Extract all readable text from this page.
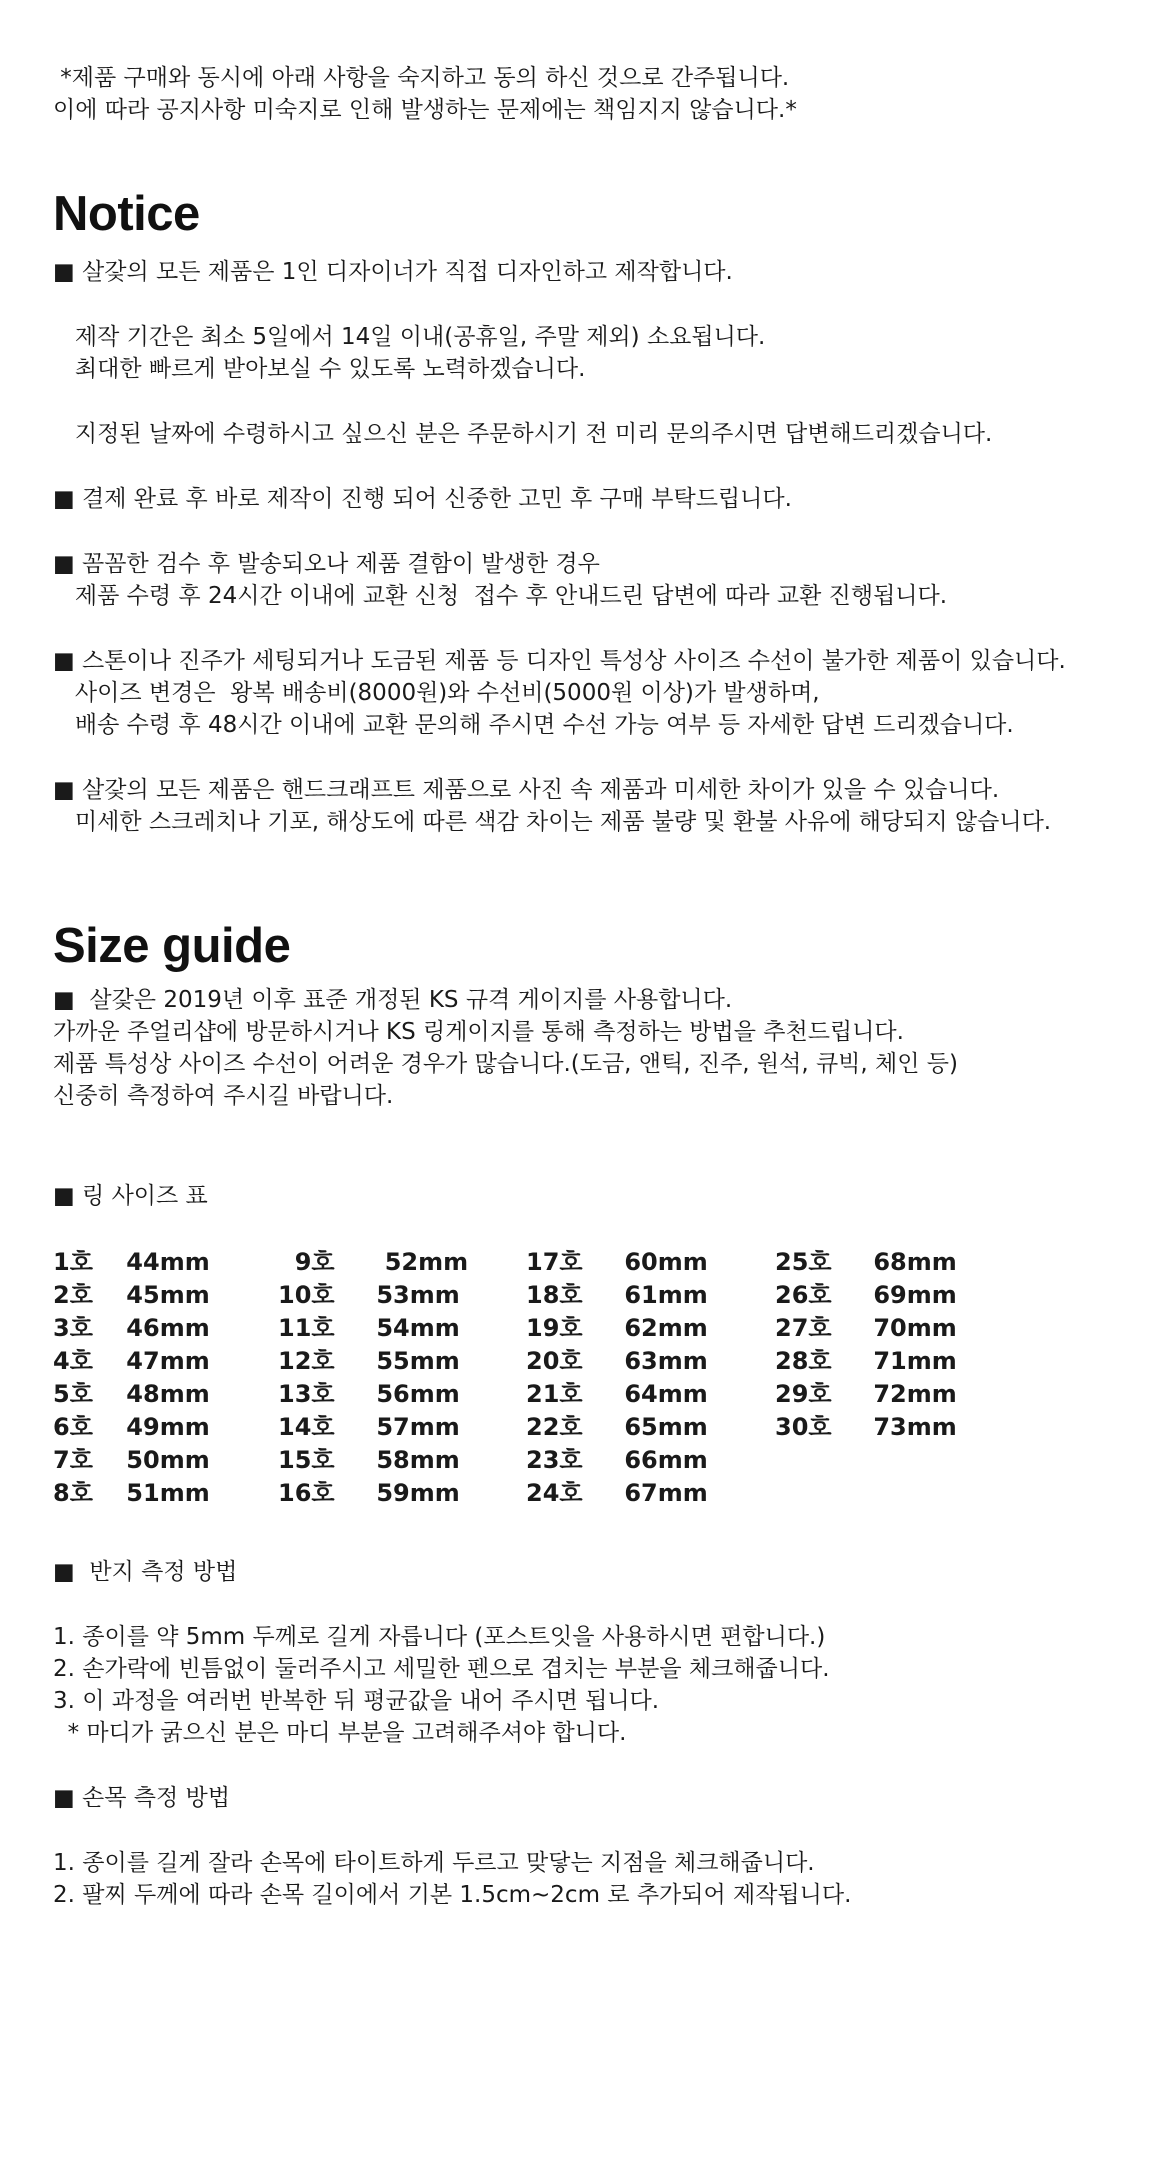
*제품 구매와 동시에 아래 사항을 숙지하고 동의 하신 것으로 간주됩니다.
이에 따라 공지사항 미숙지로 인해 발생하는 문제에는 책임지지 않습니다.*
Notice
■ 살갗의 모든 제품은 1인 디자이너가 직접 디자인하고 제작합니다.
제작 기간은 최소 5일에서 14일 이내(공휴일, 주말 제외) 소요됩니다.
최대한 빠르게 받아보실 수 있도록 노력하겠습니다.
지정된 날짜에 수령하시고 싶으신 분은 주문하시기 전 미리 문의주시면 답변해드리겠습니다.
■ 결제 완료 후 바로 제작이 진행 되어 신중한 고민 후 구매 부탁드립니다.
■ 꼼꼼한 검수 후 발송되오나 제품 결함이 발생한 경우
제품 수령 후 24시간 이내에 교환 신청  접수 후 안내드린 답변에 따라 교환 진행됩니다.
■ 스톤이나 진주가 세팅되거나 도금된 제품 등 디자인 특성상 사이즈 수선이 불가한 제품이 있습니다.
사이즈 변경은  왕복 배송비(8000원)와 수선비(5000원 이상)가 발생하며,
배송 수령 후 48시간 이내에 교환 문의해 주시면 수선 가능 여부 등 자세한 답변 드리겠습니다.
■ 살갗의 모든 제품은 핸드크래프트 제품으로 사진 속 제품과 미세한 차이가 있을 수 있습니다.
미세한 스크레치나 기포, 해상도에 따른 색감 차이는 제품 불량 및 환불 사유에 해당되지 않습니다.
Size guide
■  살갗은 2019년 이후 표준 개정된 KS 규격 게이지를 사용합니다.
가까운 주얼리샵에 방문하시거나 KS 링게이지를 통해 측정하는 방법을 추천드립니다.
제품 특성상 사이즈 수선이 어려운 경우가 많습니다.(도금, 앤틱, 진주, 원석, 큐빅, 체인 등)
신중히 측정하여 주시길 바랍니다.
■ 링 사이즈 표
1호    44mm
2호    45mm
3호    46mm
4호    47mm
5호    48mm
6호    49mm
7호    50mm
8호    51mm
9호      52mm
10호     53mm
11호     54mm
12호     55mm
13호     56mm
14호     57mm
15호     58mm
16호     59mm
17호     60mm
18호     61mm
19호     62mm
20호     63mm
21호     64mm
22호     65mm
23호     66mm
24호     67mm
25호     68mm
26호     69mm
27호     70mm
28호     71mm
29호     72mm
30호     73mm
■  반지 측정 방법
1. 종이를 약 5mm 두께로 길게 자릅니다 (포스트잇을 사용하시면 편합니다.)
2. 손가락에 빈틈없이 둘러주시고 세밀한 펜으로 겹치는 부분을 체크해줍니다.
3. 이 과정을 여러번 반복한 뒤 평균값을 내어 주시면 됩니다.
* 마디가 굵으신 분은 마디 부분을 고려해주셔야 합니다.
■ 손목 측정 방법
1. 종이를 길게 잘라 손목에 타이트하게 두르고 맞닿는 지점을 체크해줍니다.
2. 팔찌 두께에 따라 손목 길이에서 기본 1.5cm~2cm 로 추가되어 제작됩니다.
